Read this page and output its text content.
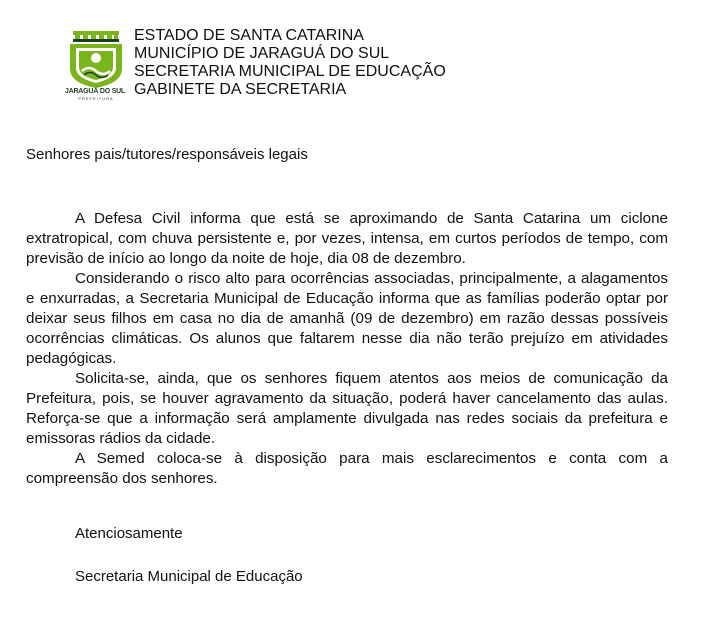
JARAGUÁ DO SUL
PREFEITURA
ESTADO DE SANTA CATARINA
MUNICÍPIO DE JARAGUÁ DO SUL
SECRETARIA MUNICIPAL DE EDUCAÇÃO
GABINETE DA SECRETARIA
Senhores pais/tutores/responsáveis legais

A Defesa Civil informa que está se aproximando de Santa Catarina um ciclone extratropical, com chuva persistente e, por vezes, intensa, em curtos períodos de tempo, com previsão de início ao longo da noite de hoje, dia 08 de dezembro.

Considerando o risco alto para ocorrências associadas, principalmente, a alagamentos e enxurradas, a Secretaria Municipal de Educação informa que as famílias poderão optar por deixar seus filhos em casa no dia de amanhã (09 de dezembro) em razão dessas possíveis ocorrências climáticas. Os alunos que faltarem nesse dia não terão prejuízo em atividades pedagógicas.

Solicita-se, ainda, que os senhores fiquem atentos aos meios de comunicação da Prefeitura, pois, se houver agravamento da situação, poderá haver cancelamento das aulas. Reforça-se que a informação será amplamente divulgada nas redes sociais da prefeitura e emissoras rádios da cidade.

A Semed coloca-se à disposição para mais esclarecimentos e conta com a compreensão dos senhores.

Atenciosamente
Secretaria Municipal de Educação
